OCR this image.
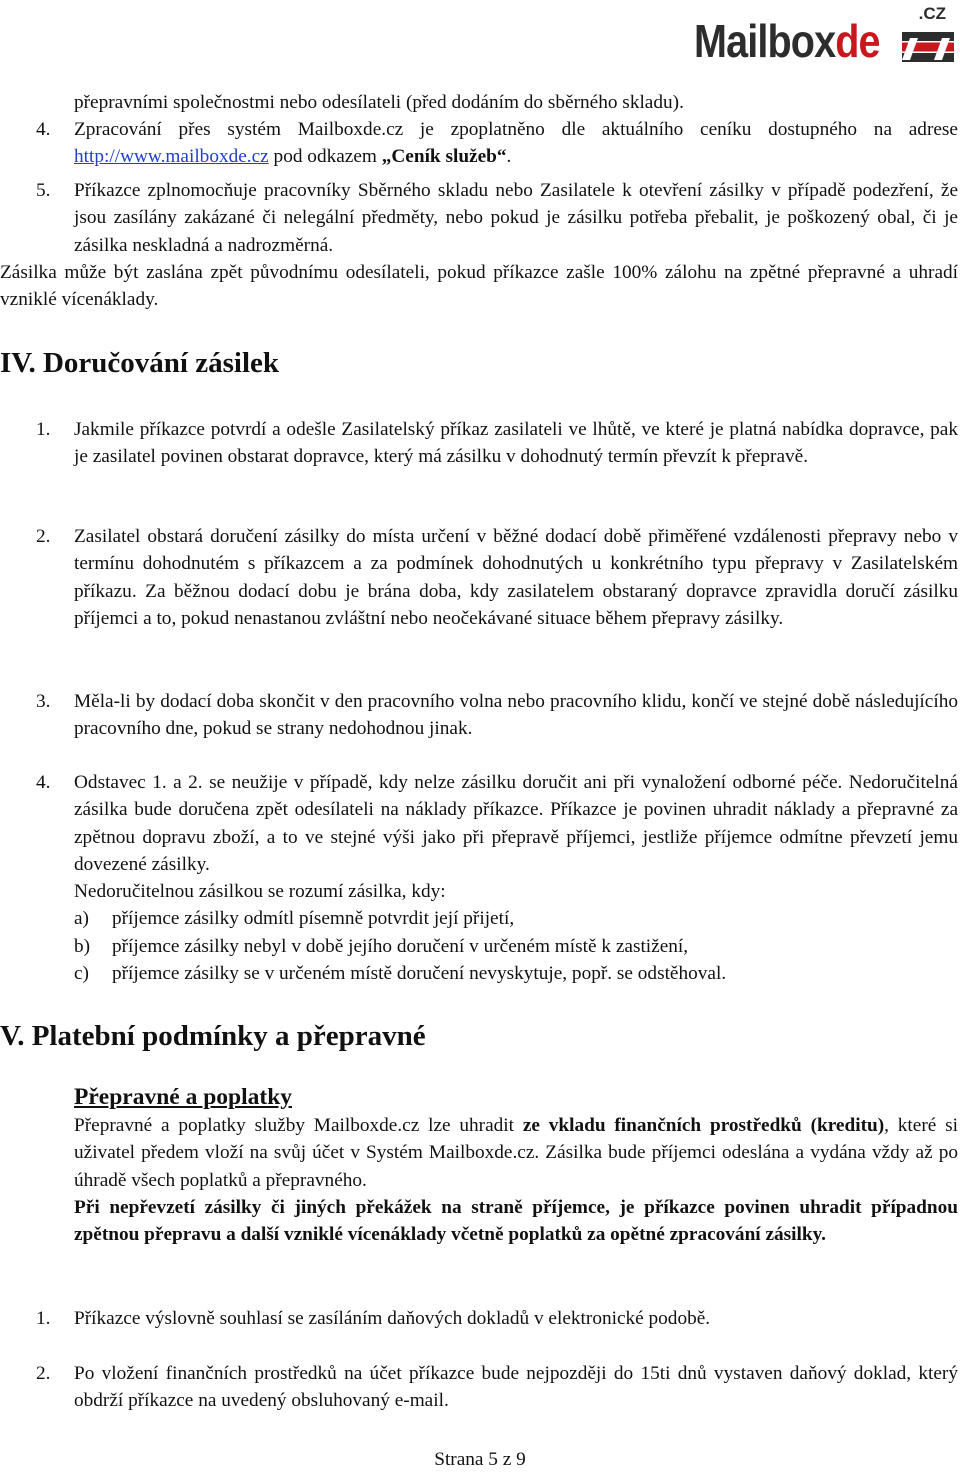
Mailboxde
.CZ

přepravními společnostmi nebo odesílateli (před dodáním do sběrného skladu).

4. Zpracování přes systém Mailboxde.cz je zpoplatněno dle aktuálního ceníku dostupného na adrese http://www.mailboxde.cz pod odkazem „Ceník služeb“.

5. Příkazce zplnomocňuje pracovníky Sběrného skladu nebo Zasilatele k otevření zásilky v případě podezření, že jsou zasílány zakázané či nelegální předměty, nebo pokud je zásilku potřeba přebalit, je poškozený obal, či je zásilka neskladná a nadrozměrná.

Zásilka může být zaslána zpět původnímu odesílateli, pokud příkazce zašle 100% zálohu na zpětné přepravné a uhradí vzniklé vícenáklady.

IV. Doručování zásilek
1. Jakmile příkazce potvrdí a odešle Zasilatelský příkaz zasilateli ve lhůtě, ve které je platná nabídka dopravce, pak je zasilatel povinen obstarat dopravce, který má zásilku v dohodnutý termín převzít k přepravě.

2. Zasilatel obstará doručení zásilky do místa určení v běžné dodací době přiměřené vzdálenosti přepravy nebo v termínu dohodnutém s příkazcem a za podmínek dohodnutých u konkrétního typu přepravy v Zasilatelském příkazu. Za běžnou dodací dobu je brána doba, kdy zasilatelem obstaraný dopravce zpravidla doručí zásilku příjemci a to, pokud nenastanou zvláštní nebo neočekávané situace během přepravy zásilky.

3. Měla-li by dodací doba skončit v den pracovního volna nebo pracovního klidu, končí ve stejné době následujícího pracovního dne, pokud se strany nedohodnou jinak.

4. Odstavec 1. a 2. se neužije v případě, kdy nelze zásilku doručit ani při vynaložení odborné péče. Nedoručitelná zásilka bude doručena zpět odesílateli na náklady příkazce. Příkazce je povinen uhradit náklady a přepravné za zpětnou dopravu zboží, a to ve stejné výši jako při přepravě příjemci, jestliže příjemce odmítne převzetí jemu dovezené zásilky.

Nedoručitelnou zásilkou se rozumí zásilka, kdy:

a) příjemce zásilky odmítl písemně potvrdit její přijetí,
b) příjemce zásilky nebyl v době jejího doručení v určeném místě k zastižení,
c) příjemce zásilky se v určeném místě doručení nevyskytuje, popř. se odstěhoval.
V. Platební podmínky a přepravné
Přepravné a poplatky

Přepravné a poplatky služby Mailboxde.cz lze uhradit ze vkladu finančních prostředků (kreditu), které si uživatel předem vloží na svůj účet v Systém Mailboxde.cz. Zásilka bude příjemci odeslána a vydána vždy až po úhradě všech poplatků a přepravného.

Při nepřevzetí zásilky či jiných překážek na straně příjemce, je příkazce povinen uhradit případnou zpětnou přepravu a další vzniklé vícenáklady včetně poplatků za opětné zpracování zásilky.

1. Příkazce výslovně souhlasí se zasíláním daňových dokladů v elektronické podobě.

2. Po vložení finančních prostředků na účet příkazce bude nejpozději do 15ti dnů vystaven daňový doklad, který obdrží příkazce na uvedený obsluhovaný e-mail.

Strana 5 z 9
